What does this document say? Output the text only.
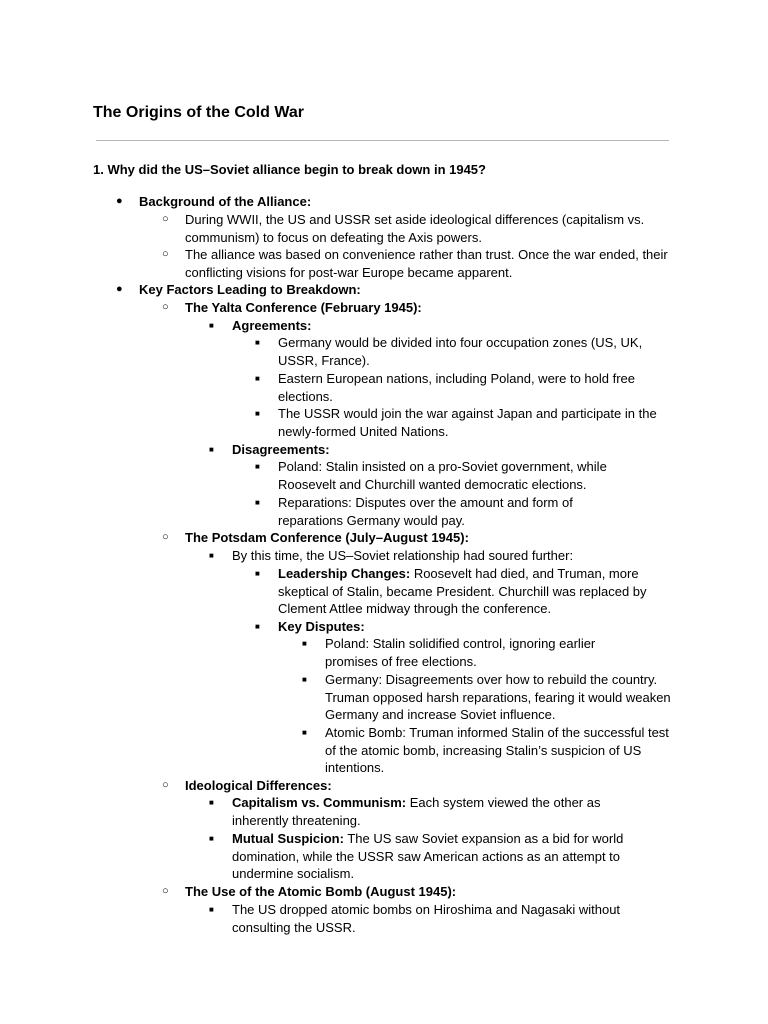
The Origins of the Cold War
1. Why did the US–Soviet alliance begin to break down in 1945?
● Background of the Alliance:
○ During WWII, the US and USSR set aside ideological differences (capitalism vs. communism) to focus on defeating the Axis powers.
○ The alliance was based on convenience rather than trust. Once the war ended, their conflicting visions for post-war Europe became apparent.
● Key Factors Leading to Breakdown:
○ The Yalta Conference (February 1945):
■ Agreements:
■ Germany would be divided into four occupation zones (US, UK, USSR, France).
■ Eastern European nations, including Poland, were to hold free elections.
■ The USSR would join the war against Japan and participate in the newly-formed United Nations.
■ Disagreements:
■ Poland: Stalin insisted on a pro-Soviet government, while Roosevelt and Churchill wanted democratic elections.
■ Reparations: Disputes over the amount and form of reparations Germany would pay.
○ The Potsdam Conference (July–August 1945):
■ By this time, the US–Soviet relationship had soured further:
■ Leadership Changes: Roosevelt had died, and Truman, more skeptical of Stalin, became President. Churchill was replaced by Clement Attlee midway through the conference.
■ Key Disputes:
■ Poland: Stalin solidified control, ignoring earlier promises of free elections.
■ Germany: Disagreements over how to rebuild the country. Truman opposed harsh reparations, fearing it would weaken Germany and increase Soviet influence.
■ Atomic Bomb: Truman informed Stalin of the successful test of the atomic bomb, increasing Stalin’s suspicion of US intentions.
○ Ideological Differences:
■ Capitalism vs. Communism: Each system viewed the other as inherently threatening.
■ Mutual Suspicion: The US saw Soviet expansion as a bid for world domination, while the USSR saw American actions as an attempt to undermine socialism.
○ The Use of the Atomic Bomb (August 1945):
■ The US dropped atomic bombs on Hiroshima and Nagasaki without consulting the USSR.
